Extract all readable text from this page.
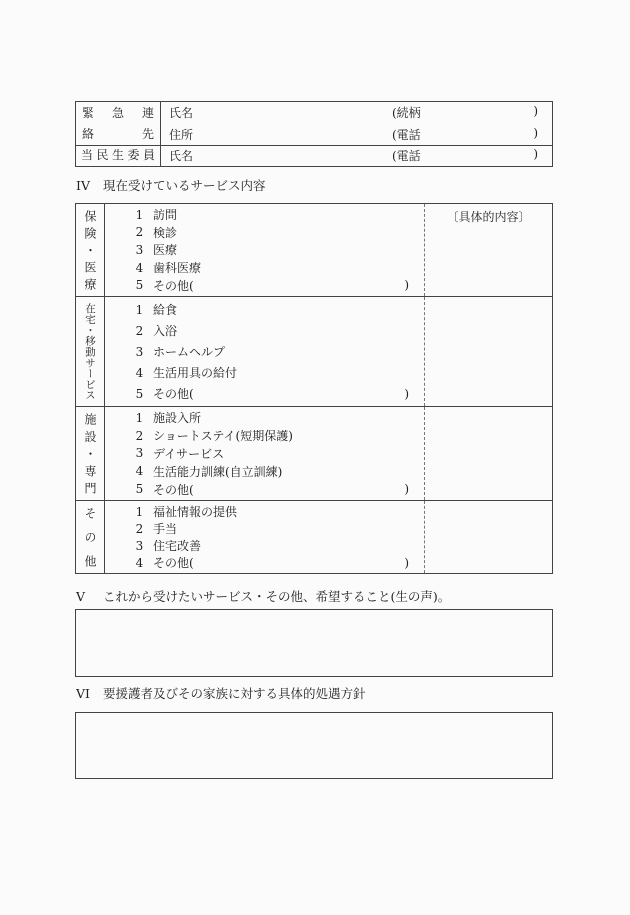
緊急連
絡先
氏名	(続柄	)
住所	(電話	)
当民生委員	氏名	(電話	)
IV	現在受けているサービス内容
保険・医療	1 訪問
2 検診
3 医療
4 歯科医療
5 その他(	)
〔具体的内容〕
在宅・移動サービス	1 給食
2 入浴
3 ホームヘルプ
4 生活用具の給付
5 その他(	)
施設・専門	1 施設入所
2 ショートステイ(短期保護)
3 デイサービス
4 生活能力訓練(自立訓練)
5 その他(	)
その他	1 福祉情報の提供
2 手当
3 住宅改善
4 その他(	)
V	これから受けたいサービス・その他、希望すること(生の声)。
VI	要援護者及びその家族に対する具体的処遇方針
